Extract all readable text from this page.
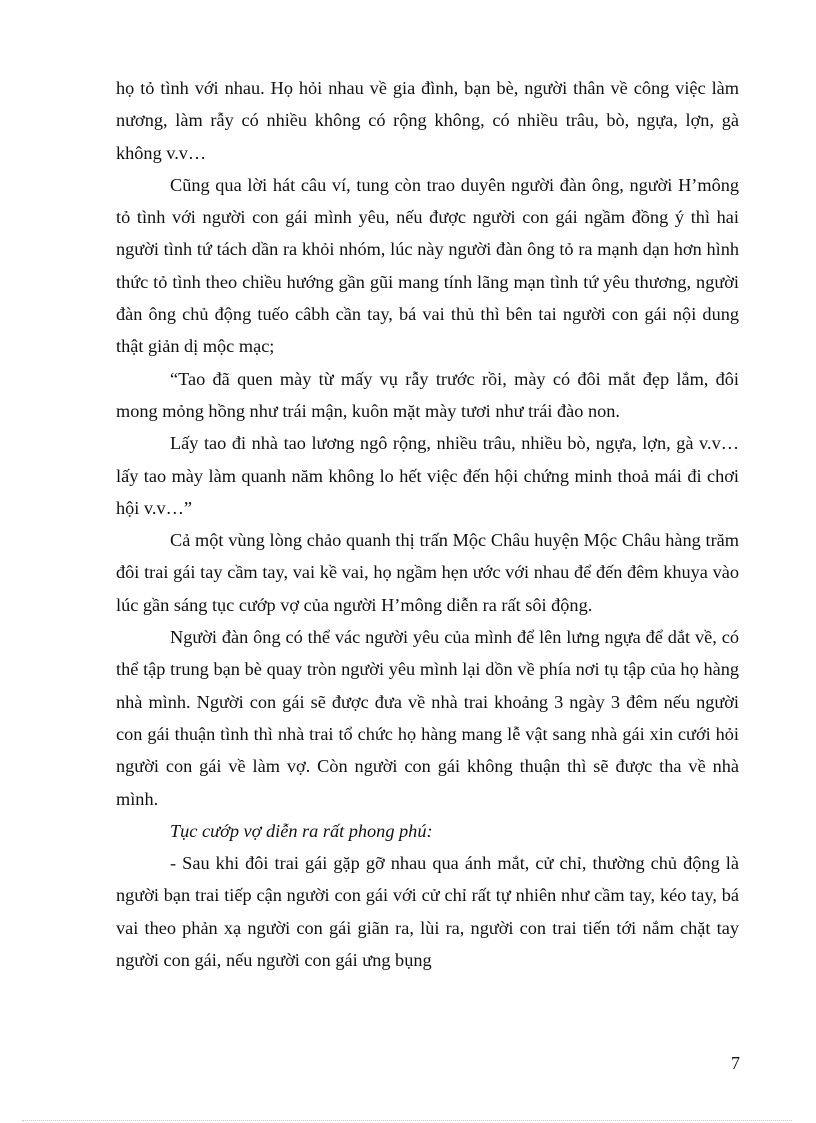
họ tỏ tình với nhau. Họ hỏi nhau về gia đình, bạn bè, người thân về công việc làm nương, làm rẫy có nhiều không có rộng không, có nhiều trâu, bò, ngựa, lợn, gà không v.v…

Cũng qua lời hát câu ví, tung còn trao duyên người đàn ông, người H’mông tỏ tình với người con gái mình yêu, nếu được người con gái ngầm đồng ý thì hai người tình tứ tách dần ra khỏi nhóm, lúc này người đàn ông tỏ ra mạnh dạn hơn hình thức tỏ tình theo chiều hướng gần gũi mang tính lãng mạn tình tứ yêu thương, người đàn ông chủ động tuếo câbh cần tay, bá vai thủ thì bên tai người con gái nội dung thật giản dị mộc mạc;

“Tao đã quen mày từ mấy vụ rẫy trước rồi, mày có đôi mắt đẹp lắm, đôi mong mỏng hồng như trái mận, kuôn mặt mày tươi như trái đào non.

Lấy tao đi nhà tao lương ngô rộng, nhiều trâu, nhiều bò, ngựa, lợn, gà v.v… lấy tao mày làm quanh năm không lo hết việc đến hội chứng minh thoả mái đi chơi hội v.v…”

Cả một vùng lòng chảo quanh thị trấn Mộc Châu huyện Mộc Châu hàng trăm đôi trai gái tay cầm tay, vai kề vai, họ ngầm hẹn ước với nhau để đến đêm khuya vào lúc gần sáng tục cướp vợ của người H’mông diễn ra rất sôi động.

Người đàn ông có thể vác người yêu của mình để lên lưng ngựa để dắt về, có thể tập trung bạn bè quay tròn người yêu mình lại dồn về phía nơi tụ tập của họ hàng nhà mình. Người con gái sẽ được đưa về nhà trai khoảng 3 ngày 3 đêm nếu người con gái thuận tình thì nhà trai tổ chức họ hàng mang lễ vật sang nhà gái xin cưới hỏi người con gái về làm vợ. Còn người con gái không thuận thì sẽ được tha về nhà mình.

Tục cướp vợ diễn ra rất phong phú:

- Sau khi đôi trai gái gặp gỡ nhau qua ánh mắt, cử chỉ, thường chủ động là người bạn trai tiếp cận người con gái với cử chỉ rất tự nhiên như cầm tay, kéo tay, bá vai theo phản xạ người con gái giãn ra, lùi ra, người con trai tiến tới nắm chặt tay người con gái, nếu người con gái ưng bụng

7
